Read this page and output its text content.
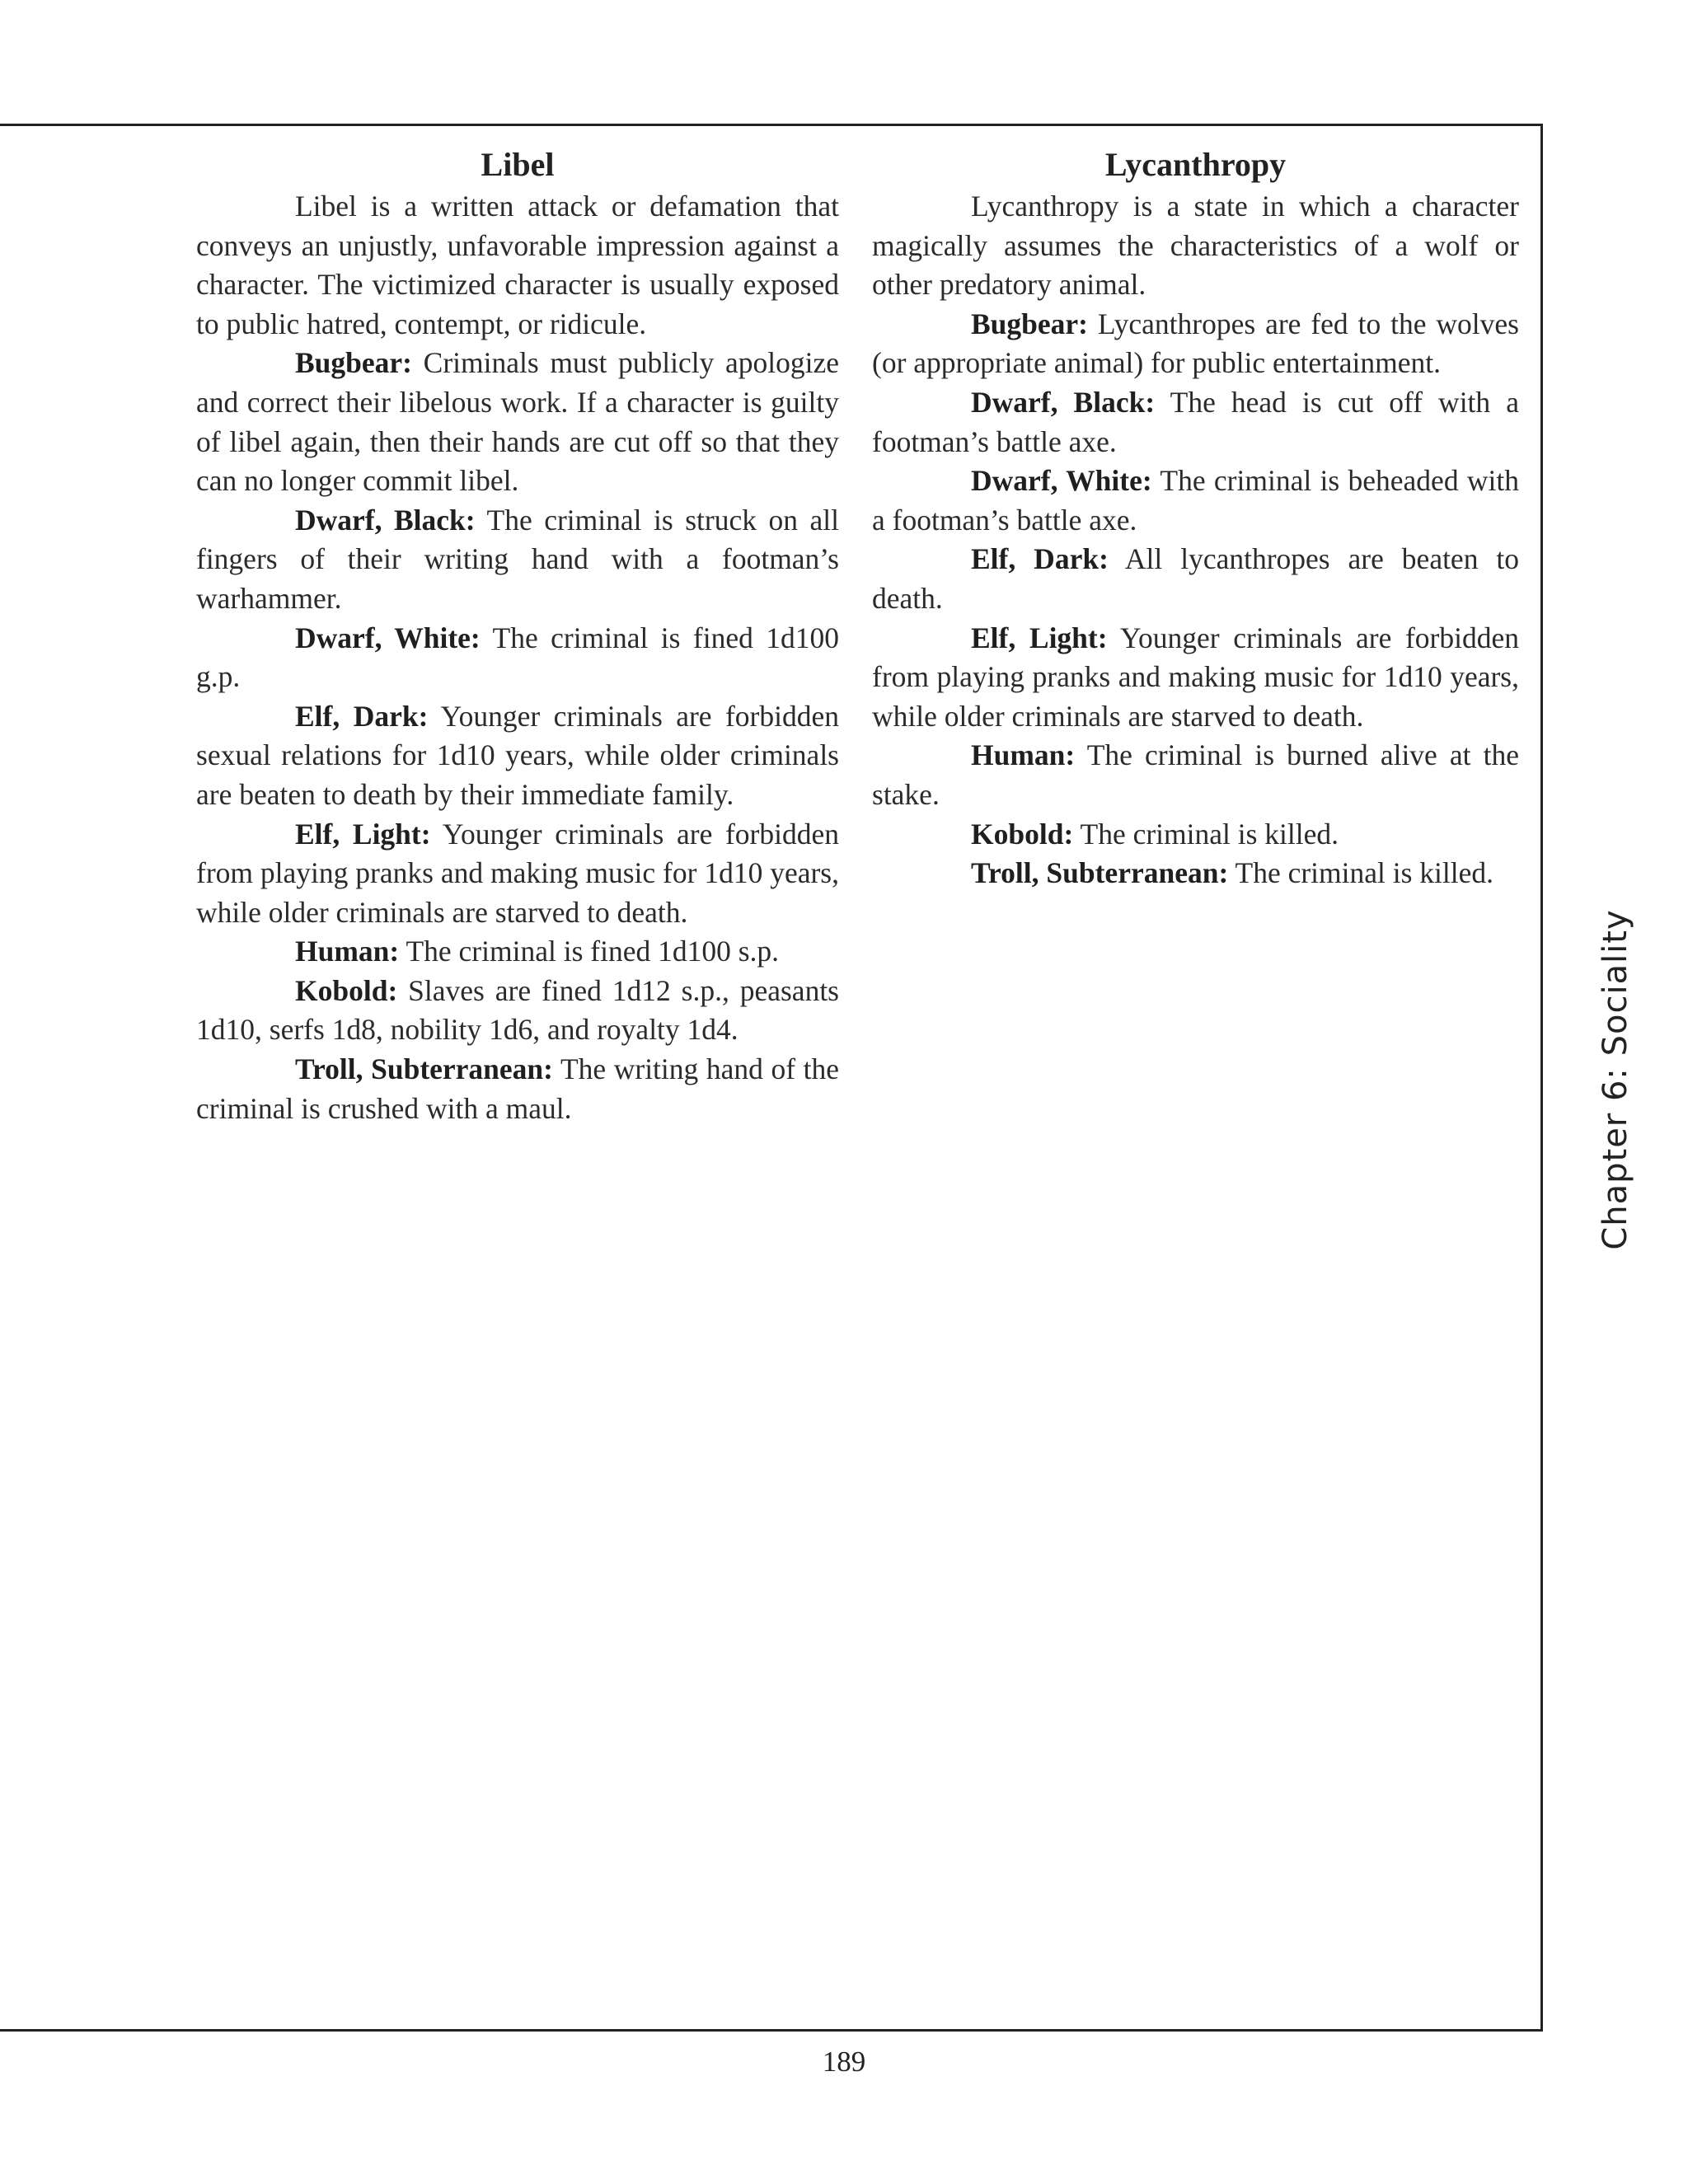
Libel

Libel is a written attack or defamation that conveys an unjustly, unfavorable impression against a character. The victimized character is usually exposed to public hatred, contempt, or ridicule.

Bugbear: Criminals must publicly apologize and correct their libelous work. If a character is guilty of libel again, then their hands are cut off so that they can no longer commit libel.

Dwarf, Black: The criminal is struck on all fingers of their writing hand with a footman’s warhammer.

Dwarf, White: The criminal is fined 1d100 g.p.

Elf, Dark: Younger criminals are forbidden sexual relations for 1d10 years, while older criminals are beaten to death by their immediate family.

Elf, Light: Younger criminals are forbidden from playing pranks and making music for 1d10 years, while older criminals are starved to death.

Human: The criminal is fined 1d100 s.p.

Kobold: Slaves are fined 1d12 s.p., peasants 1d10, serfs 1d8, nobility 1d6, and royalty 1d4.

Troll, Subterranean: The writing hand of the criminal is crushed with a maul.

Lycanthropy

Lycanthropy is a state in which a character magically assumes the characteristics of a wolf or other predatory animal.

Bugbear: Lycanthropes are fed to the wolves (or appropriate animal) for public entertainment.

Dwarf, Black: The head is cut off with a footman’s battle axe.

Dwarf, White: The criminal is beheaded with a footman’s battle axe.

Elf, Dark: All lycanthropes are beaten to death.

Elf, Light: Younger criminals are forbidden from playing pranks and making music for 1d10 years, while older criminals are starved to death.

Human: The criminal is burned alive at the stake.

Kobold: The criminal is killed.

Troll, Subterranean: The criminal is killed.

Chapter 6: Sociality
189
